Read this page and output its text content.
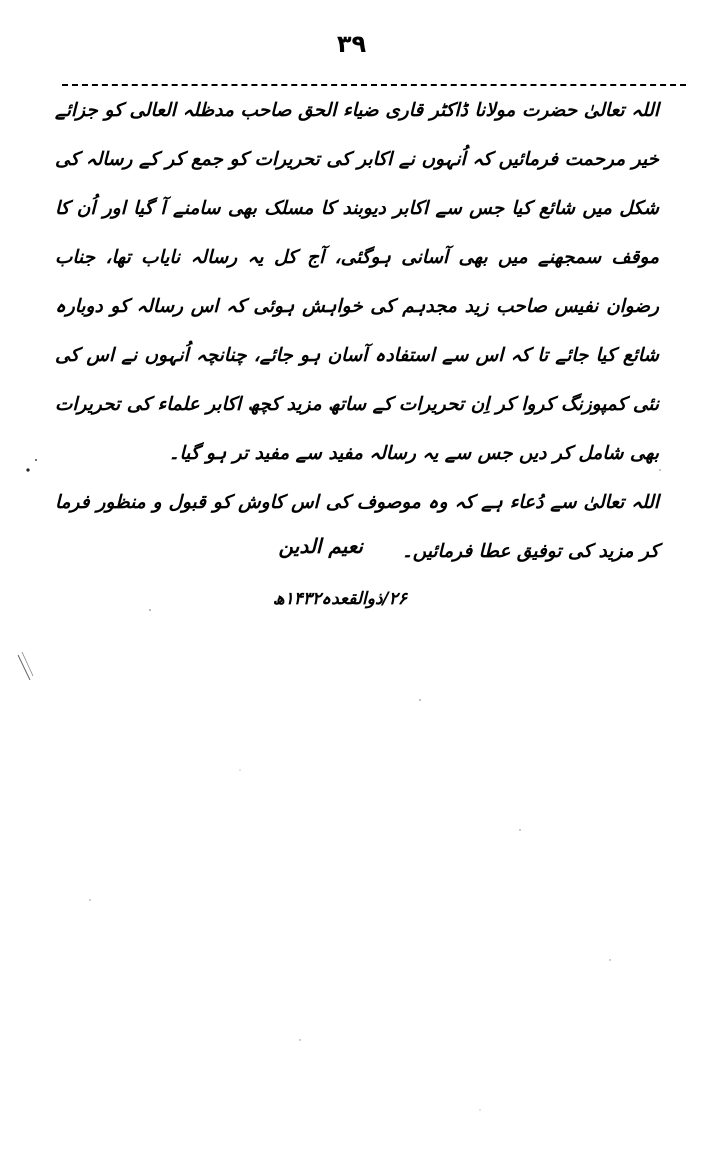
۳۹

اللہ تعالیٰ حضرت مولانا ڈاکٹر قاری ضیاء الحق صاحب مدظلہ العالی کو جزائے خیر مرحمت فرمائیں کہ اُنہوں نے اکابر کی تحریرات کو جمع کر کے رسالہ کی شکل میں شائع کیا جس سے اکابر دیوبند کا مسلک بھی سامنے آ گیا اور اُن کا موقف سمجھنے میں بھی آسانی ہوگئی، آج کل یہ رسالہ نایاب تھا، جناب رضوان نفیس صاحب زید مجدہم کی خواہش ہوئی کہ اس رسالہ کو دوبارہ شائع کیا جائے تا کہ اس سے استفادہ آسان ہو جائے، چنانچہ اُنہوں نے اس کی نئی کمپوزنگ کروا کر اِن تحریرات کے ساتھ مزید کچھ اکابر علماء کی تحریرات بھی شامل کر دیں جس سے یہ رسالہ مفید سے مفید تر ہو گیا۔

اللہ تعالیٰ سے دُعاء ہے کہ وہ موصوف کی اس کاوش کو قبول و منظور فرما کر مزید کی توفیق عطا فرمائیں۔

نعیم الدین
۲۶/ذوالقعدہ۱۴۳۲ھ
